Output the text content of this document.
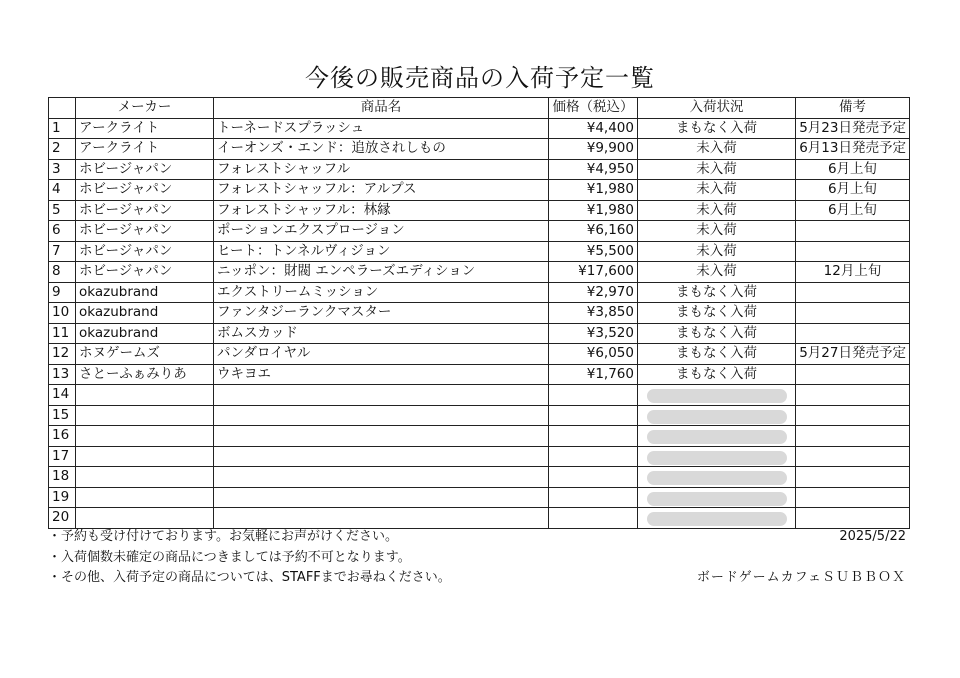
今後の販売商品の入荷予定一覧
	メーカー	商品名	価格（税込）	入荷状況	備考
1	アークライト	トーネードスプラッシュ	¥4,400	まもなく入荷	5月23日発売予定
2	アークライト	イーオンズ・エンド：追放されしもの	¥9,900	未入荷	6月13日発売予定
3	ホビージャパン	フォレストシャッフル	¥4,950	未入荷	6月上旬
4	ホビージャパン	フォレストシャッフル：アルプス	¥1,980	未入荷	6月上旬
5	ホビージャパン	フォレストシャッフル：林縁	¥1,980	未入荷	6月上旬
6	ホビージャパン	ポーションエクスプロージョン	¥6,160	未入荷	
7	ホビージャパン	ヒート：トンネルヴィジョン	¥5,500	未入荷	
8	ホビージャパン	ニッポン：財閥 エンペラーズエディション	¥17,600	未入荷	12月上旬
9	okazubrand	エクストリームミッション	¥2,970	まもなく入荷	
10	okazubrand	ファンタジーランクマスター	¥3,850	まもなく入荷	
11	okazubrand	ボムスカッド	¥3,520	まもなく入荷	
12	ホヌゲームズ	パンダロイヤル	¥6,050	まもなく入荷	5月27日発売予定
13	さとーふぁみりあ	ウキヨエ	¥1,760	まもなく入荷	
14				

15				

16				

17				

18				

19				

20				

・予約も受け付けております。お気軽にお声がけください。	2025/5/22
・入荷個数未確定の商品につきましては予約不可となります。
・その他、入荷予定の商品については、STAFFまでお尋ねください。	ボードゲームカフェＳＵＢＢＯＸ
